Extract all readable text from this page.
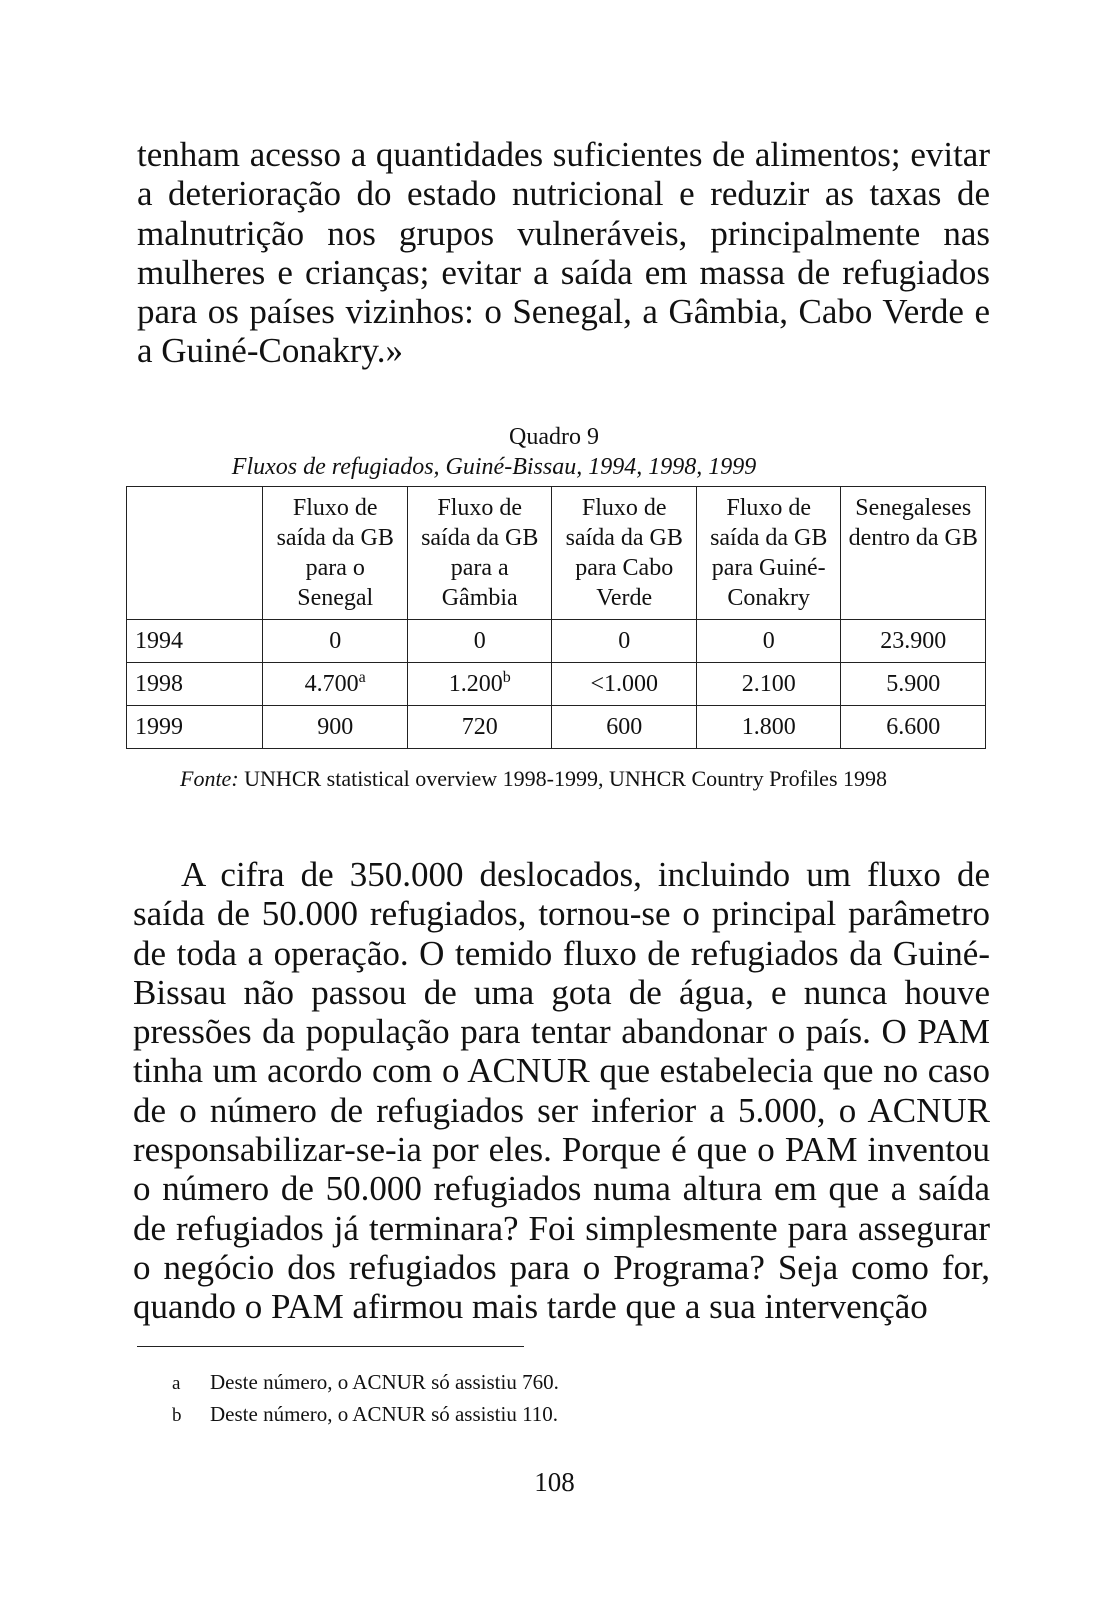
tenham acesso a quantidades suficientes de alimentos; evitar a deterioração do estado nutricional e reduzir as taxas de malnutrição nos grupos vulneráveis, principalmente nas mulheres e crianças; evitar a saída em massa de refugiados para os países vizinhos: o Senegal, a Gâmbia, Cabo Verde e a Guiné-Conakry.»

Quadro 9

Fluxos de refugiados, Guiné-Bissau, 1994, 1998, 1999

	Fluxo de saída da GB para o Senegal	Fluxo de saída da GB para a Gâmbia	Fluxo de saída da GB para Cabo Verde	Fluxo de saída da GB para Guiné-Conakry	Senegaleses dentro da GB
1994	0	0	0	0	23.900
1998	4.700$^a$	1.200$^b$	<1.000	2.100	5.900
1999	900	720	600	1.800	6.600

Fonte: UNHCR statistical overview 1998-1999, UNHCR Country Profiles 1998

A cifra de 350.000 deslocados, incluindo um fluxo de saída de 50.000 refugiados, tornou-se o principal parâmetro de toda a operação. O temido fluxo de refugiados da Guiné-Bissau não passou de uma gota de água, e nunca houve pressões da população para tentar abandonar o país. O PAM tinha um acordo com o ACNUR que estabelecia que no caso de o número de refugiados ser inferior a 5.000, o ACNUR responsabilizar-se-ia por eles. Porque é que o PAM inventou o número de 50.000 refugiados numa altura em que a saída de refugiados já terminara? Foi simplesmente para assegurar o negócio dos refugiados para o Programa? Seja como for, quando o PAM afirmou mais tarde que a sua intervenção

a Deste número, o ACNUR só assistiu 760.

b Deste número, o ACNUR só assistiu 110.

108
